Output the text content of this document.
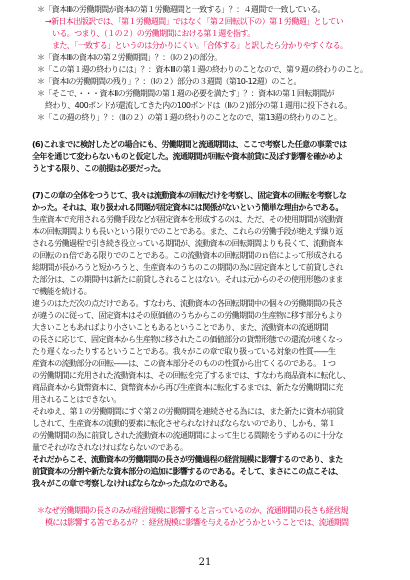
＊「資本Ⅲの労働期間が資本Ⅰの第１労働週間と一致する」？：４週間で一致している。
→新日本出版訳では、「第１労働週間」ではなく「第２回転以下の）第１労働週」としてい
いる。つまり、（１の２）の労働期間における第１週を指す。
また、「一致する」というのは分かりにくい。「合体する」と訳したら分かりやすくなる。
＊「資本Ⅲの資本Ⅰの第２労働期間」？：（Ⅰの２)の部分。
＊「この第１週の終わりには」？：資本Ⅲの第１週の終わりのことなので、第９週の終わりのこと。
＊「資本Ⅰの労働期間の残り」？：（Ⅰの２）部分の３週間（第10-12週）のこと。
＊「そこで、・・・資本Ⅱの労働期間の第１週の必要を満たす」？：資本Ⅰの第１回転期間が
終わり、400ポンドが還流してきた内の100ポンドは（Ⅱの２)部分の第１週用に投下される。
＊「この週の終り」？：（Ⅱの２）の第１週の終わりのことなので、第13週の終わりのこと。
(6)これまでに検討したどの場合にも、労働期間と流通期間は、ここで考察した任意の事業では
全年を通じて変わらないものと仮定した。流通期間が回転や資本前貸に及ぼす影響を確かめよ
うとする限り、この前提は必要だった。
(7)この章の全体をつうじて、我々は流動資本の回転だけを考察し、固定資本の回転を考察しな
かった。それは、取り扱われる問題が固定資本には関係がないという簡単な理由からである。
生産資本で充用される労働手段などが固定資本を形成するのは、ただ、その使用期間が流動資
本の回転期間よりも長いという限りでのことである。また、これらの労働手段が絶えず繰り返
される労働過程で引き続き役立っている期間が、流動資本の回転期間よりも長くて、流動資本
の回転のｎ倍である限りでのことである。この流動資本の回転期間のｎ倍によって形成される
総期間が長かろうと短かろうと、生産資本のうちのこの期間の為に固定資本として前貸しされ
た部分は、この期間中は新たに前貸しされることはない。それは元からのその使用形態のまま
で機能を続ける。
違うのはただ次の点だけである。すなわち、流動資本の各回転期間中の個々の労働期間の長さ
が違うのに従って、固定資本はその原価値のうちからこの労働期間の生産物に移す部分もより
大きいこともあればより小さいこともあるということであり、また、流動資本の流通期間
の長さに応じて、固定資本から生産物に移されたこの価値部分の貨幣形態での還流が速くなっ
たり遅くなったりするということである。我々がこの章で取り扱っている対象の性質——生
産資本の流動部分の回転——は、この資本部分そのものの性質から出てくるのである。１つ
の労働期間に充用された流動資本は、その回転を完了するまでは、すなわち商品資本に転化し、
商品資本から貨幣資本に、貨幣資本から再び生産資本に転化するまでは、新たな労働期間に充
用されることはできない。
それゆえ、第１の労働期間にすぐ第２の労働期間を連続させる為には、また新たに資本が前貸
しされて、生産資本の流動的要素に転化させられなければならないのであり、しかも、第１
の労働期間の為に前貸しされた流動資本の流通期間によって生じる間隙をうずめるのに十分な
量でそれがなされなければならないのである。
それだからこそ、流動資本の労働期間の長さが労働過程の経営規模に影響するのであり、また
前貸資本の分割や新たな資本部分の追加に影響するのである。そして、まさにこの点こそは、
我々がこの章で考察しなければならなかった点なのである。
＊なぜ労働期間の長さのみが経営規模に影響すると言っているのか、流通期間の長さも経営規
模には影響する筈であるが？：経営規模に影響を与えるかどうかということでは、流通期間
21
